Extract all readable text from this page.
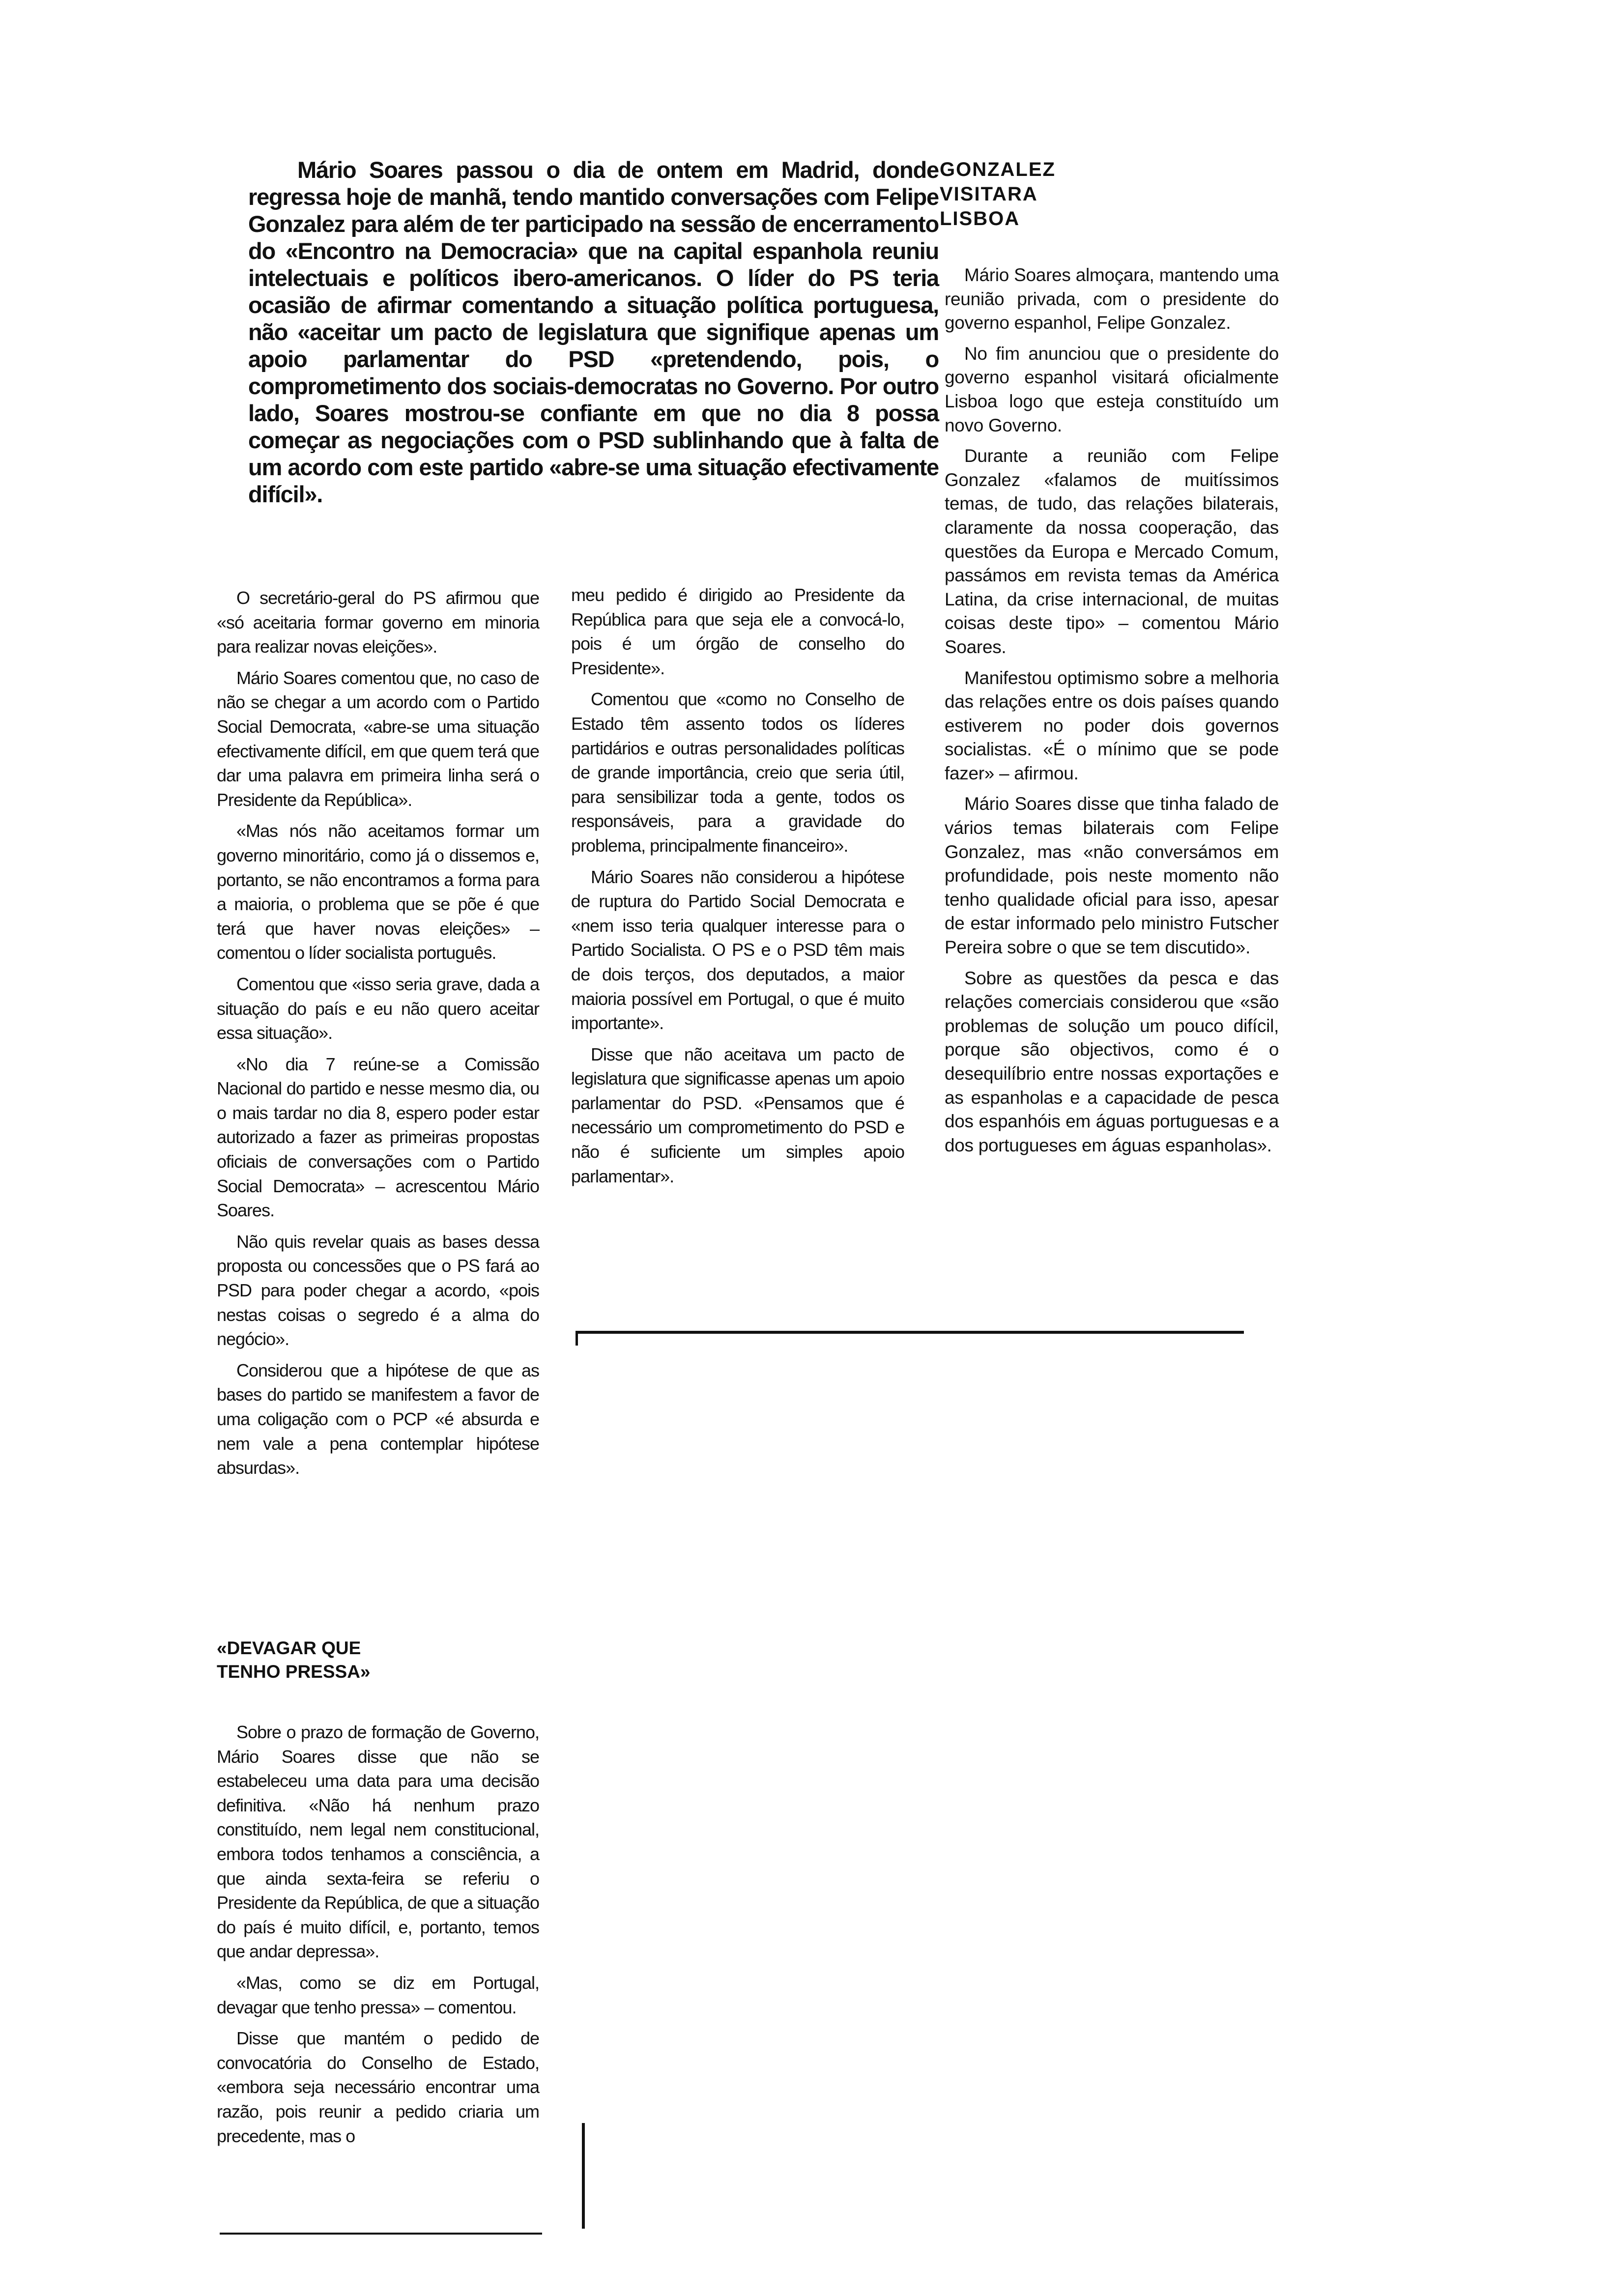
Mário Soares passou o dia de ontem em Madrid, donde regressa hoje de manhã, tendo mantido conversações com Felipe Gonzalez para além de ter participado na sessão de encerramento do «Encontro na Democracia» que na capital espanhola reuniu intelectuais e políticos ibero-americanos. O líder do PS teria ocasião de afirmar comentando a situação política portuguesa, não «aceitar um pacto de legislatura que signifique apenas um apoio parlamentar do PSD «pretendendo, pois, o comprometimento dos sociais-democratas no Governo. Por outro lado, Soares mostrou-se confiante em que no dia 8 possa começar as negociações com o PSD sublinhando que à falta de um acordo com este partido «abre-se uma situação efectivamente difícil».

GONZALEZ
VISITARA
LISBOA

O secretário-geral do PS afirmou que «só aceitaria formar governo em minoria para realizar novas eleições».

Mário Soares comentou que, no caso de não se chegar a um acordo com o Partido Social Democrata, «abre-se uma situação efectivamente difícil, em que quem terá que dar uma palavra em primeira linha será o Presidente da República».

«Mas nós não aceitamos formar um governo minoritário, como já o dissemos e, portanto, se não encontramos a forma para a maioria, o problema que se põe é que terá que haver novas eleições» – comentou o líder socialista português.

Comentou que «isso seria grave, dada a situação do país e eu não quero aceitar essa situação».

«No dia 7 reúne-se a Comissão Nacional do partido e nesse mesmo dia, ou o mais tardar no dia 8, espero poder estar autorizado a fazer as primeiras propostas oficiais de conversações com o Partido Social Democrata» – acrescentou Mário Soares.

Não quis revelar quais as bases dessa proposta ou concessões que o PS fará ao PSD para poder chegar a acordo, «pois nestas coisas o segredo é a alma do negócio».

Considerou que a hipótese de que as bases do partido se manifestem a favor de uma coligação com o PCP «é absurda e nem vale a pena contemplar hipótese absurdas».

«DEVAGAR QUE
TENHO PRESSA»

Sobre o prazo de formação de Governo, Mário Soares disse que não se estabeleceu uma data para uma decisão definitiva. «Não há nenhum prazo constituído, nem legal nem constitucional, embora todos tenhamos a consciência, a que ainda sexta-feira se referiu o Presidente da República, de que a situação do país é muito difícil, e, portanto, temos que andar depressa».

«Mas, como se diz em Portugal, devagar que tenho pressa» – comentou.

Disse que mantém o pedido de convocatória do Conselho de Estado, «embora seja necessário encontrar uma razão, pois reunir a pedido criaria um precedente, mas o

meu pedido é dirigido ao Presidente da República para que seja ele a convocá-lo, pois é um órgão de conselho do Presidente».

Comentou que «como no Conselho de Estado têm assento todos os líderes partidários e outras personalidades políticas de grande importância, creio que seria útil, para sensibilizar toda a gente, todos os responsáveis, para a gravidade do problema, principalmente financeiro».

Mário Soares não considerou a hipótese de ruptura do Partido Social Democrata e «nem isso teria qualquer interesse para o Partido Socialista. O PS e o PSD têm mais de dois terços, dos deputados, a maior maioria possível em Portugal, o que é muito importante».

Disse que não aceitava um pacto de legislatura que significasse apenas um apoio parlamentar do PSD. «Pensamos que é necessário um comprometimento do PSD e não é suficiente um simples apoio parlamentar».

Mário Soares almoçara, mantendo uma reunião privada, com o presidente do governo espanhol, Felipe Gonzalez.

No fim anunciou que o presidente do governo espanhol visitará oficialmente Lisboa logo que esteja constituído um novo Governo.

Durante a reunião com Felipe Gonzalez «falamos de muitíssimos temas, de tudo, das relações bilaterais, claramente da nossa cooperação, das questões da Europa e Mercado Comum, passámos em revista temas da América Latina, da crise internacional, de muitas coisas deste tipo» – comentou Mário Soares.

Manifestou optimismo sobre a melhoria das relações entre os dois países quando estiverem no poder dois governos socialistas. «É o mínimo que se pode fazer» – afirmou.

Mário Soares disse que tinha falado de vários temas bilaterais com Felipe Gonzalez, mas «não conversámos em profundidade, pois neste momento não tenho qualidade oficial para isso, apesar de estar informado pelo ministro Futscher Pereira sobre o que se tem discutido».

Sobre as questões da pesca e das relações comerciais considerou que «são problemas de solução um pouco difícil, porque são objectivos, como é o desequilíbrio entre nossas exportações e as espanholas e a capacidade de pesca dos espanhóis em águas portuguesas e a dos portugueses em águas espanholas».
